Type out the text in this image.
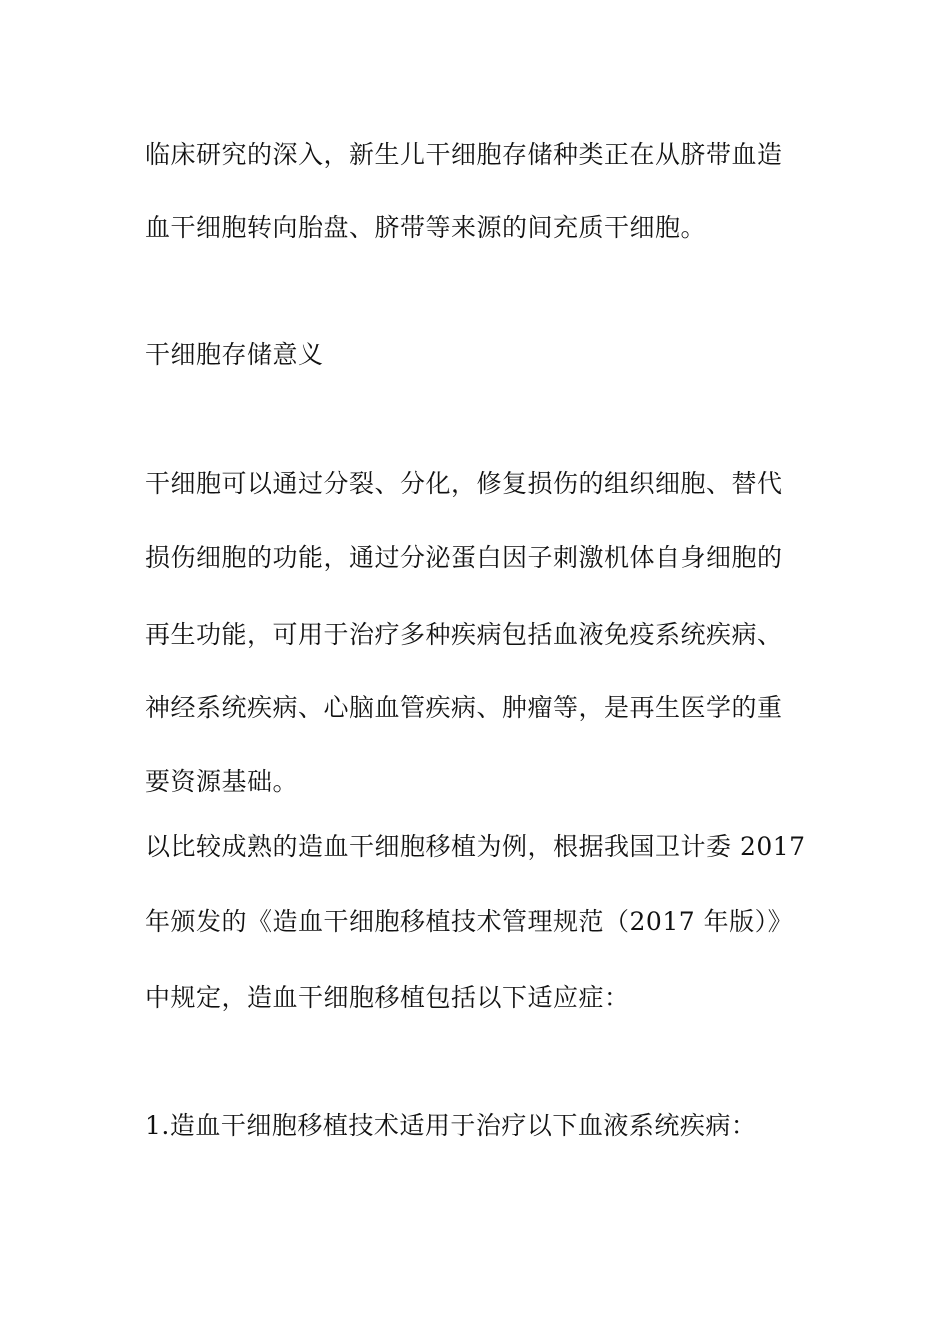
临床研究的深入，新生儿干细胞存储种类正在从脐带血造
血干细胞转向胎盘、脐带等来源的间充质干细胞。
干细胞存储意义
干细胞可以通过分裂、分化，修复损伤的组织细胞、替代
损伤细胞的功能，通过分泌蛋白因子刺激机体自身细胞的
再生功能，可用于治疗多种疾病包括血液免疫系统疾病、
神经系统疾病、心脑血管疾病、肿瘤等，是再生医学的重
要资源基础。
以比较成熟的造血干细胞移植为例，根据我国卫计委 2017
年颁发的《造血干细胞移植技术管理规范（2017 年版）》
中规定，造血干细胞移植包括以下适应症：
1.造血干细胞移植技术适用于治疗以下血液系统疾病：
